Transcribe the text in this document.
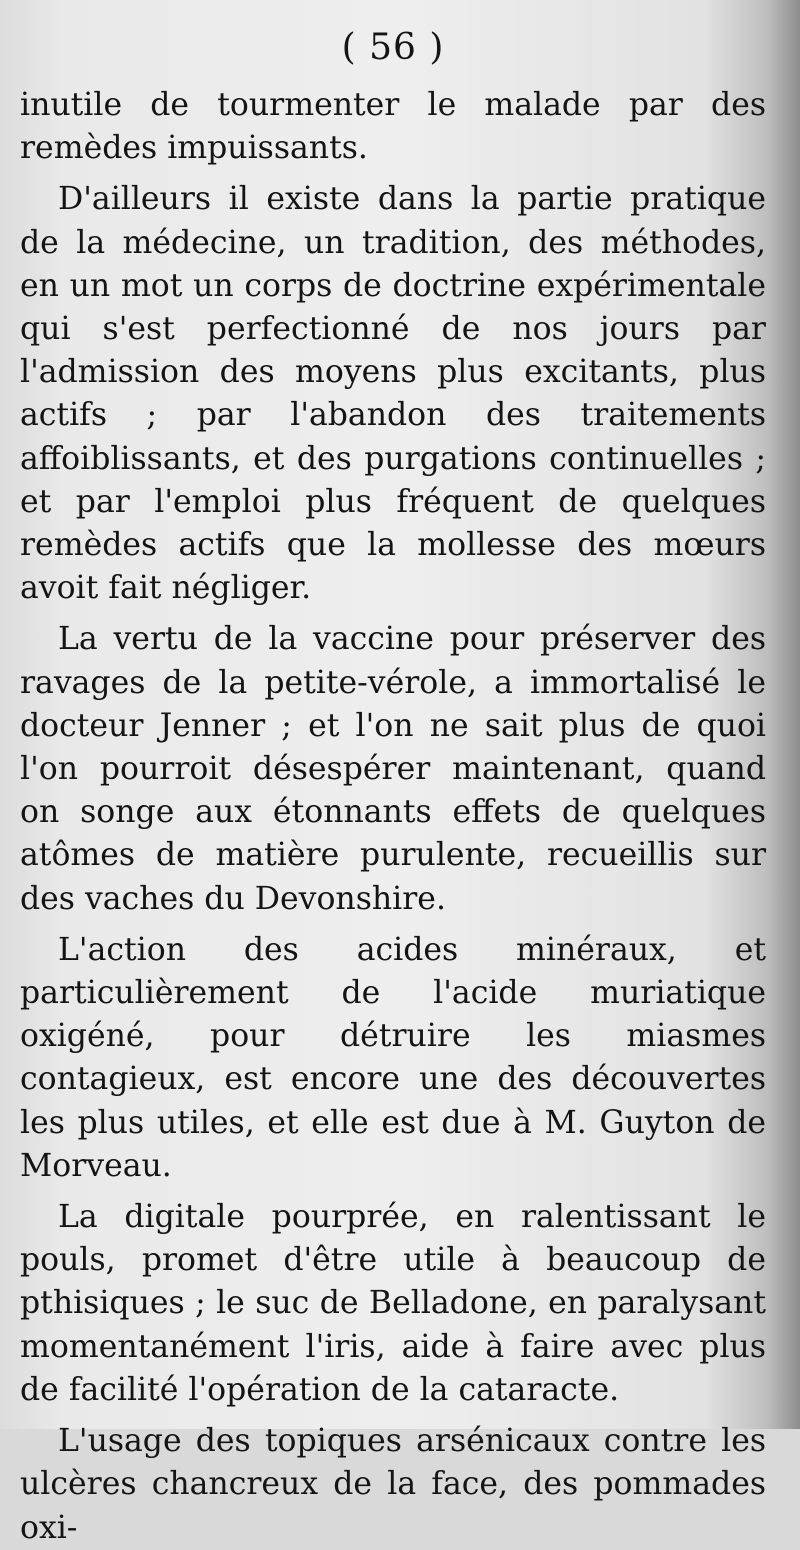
( 56 )

inutile de tourmenter le malade par des remèdes impuissants.

D'ailleurs il existe dans la partie pratique de la médecine, un tradition, des méthodes, en un mot un corps de doctrine expérimentale qui s'est perfectionné de nos jours par l'admission des moyens plus excitants, plus actifs ; par l'abandon des traitements affoiblissants, et des purgations continuelles ; et par l'emploi plus fréquent de quelques remèdes actifs que la mollesse des mœurs avoit fait négliger.

La vertu de la vaccine pour préserver des ravages de la petite-vérole, a immortalisé le docteur Jenner ; et l'on ne sait plus de quoi l'on pourroit désespérer maintenant, quand on songe aux étonnants effets de quelques atômes de matière purulente, recueillis sur des vaches du Devonshire.

L'action des acides minéraux, et particulièrement de l'acide muriatique oxigéné, pour détruire les miasmes contagieux, est encore une des découvertes les plus utiles, et elle est due à M. Guyton de Morveau.

La digitale pourprée, en ralentissant le pouls, promet d'être utile à beaucoup de pthisiques ; le suc de Belladone, en paralysant momentanément l'iris, aide à faire avec plus de facilité l'opération de la cataracte.

L'usage des topiques arsénicaux contre les ulcères chancreux de la face, des pommades oxi-
